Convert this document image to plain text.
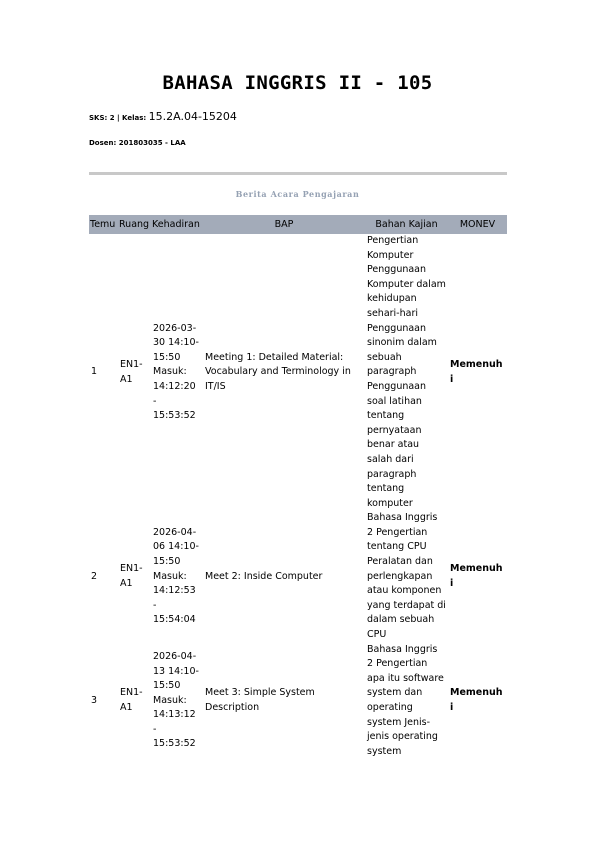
BAHASA INGGRIS II - 105
SKS: 2 | Kelas: 15.2A.04-15204
Dosen: 201803035 - LAA
Berita Acara Pengajaran
Temu	Ruang	Kehadiran	BAP	Bahan Kajian	MONEV
1	EN1-A1	2026-03-30 14:10-15:50 Masuk: 14:12:20 - 15:53:52	Meeting 1: Detailed Material: Vocabulary and Terminology in IT/IS	Pengertian Komputer Penggunaan Komputer dalam kehidupan sehari-hari Penggunaan sinonim dalam sebuah paragraph Penggunaan soal latihan tentang pernyataan benar atau salah dari paragraph tentang komputer	Memenuhi
2	EN1-A1	2026-04-06 14:10-15:50 Masuk: 14:12:53 - 15:54:04	Meet 2: Inside Computer	Bahasa Inggris 2 Pengertian tentang CPU Peralatan dan perlengkapan atau komponen yang terdapat di dalam sebuah CPU	Memenuhi
3	EN1-A1	2026-04-13 14:10-15:50 Masuk: 14:13:12 - 15:53:52	Meet 3: Simple System Description	Bahasa Inggris 2 Pengertian apa itu software system dan operating system Jenis-jenis operating system	Memenuhi
